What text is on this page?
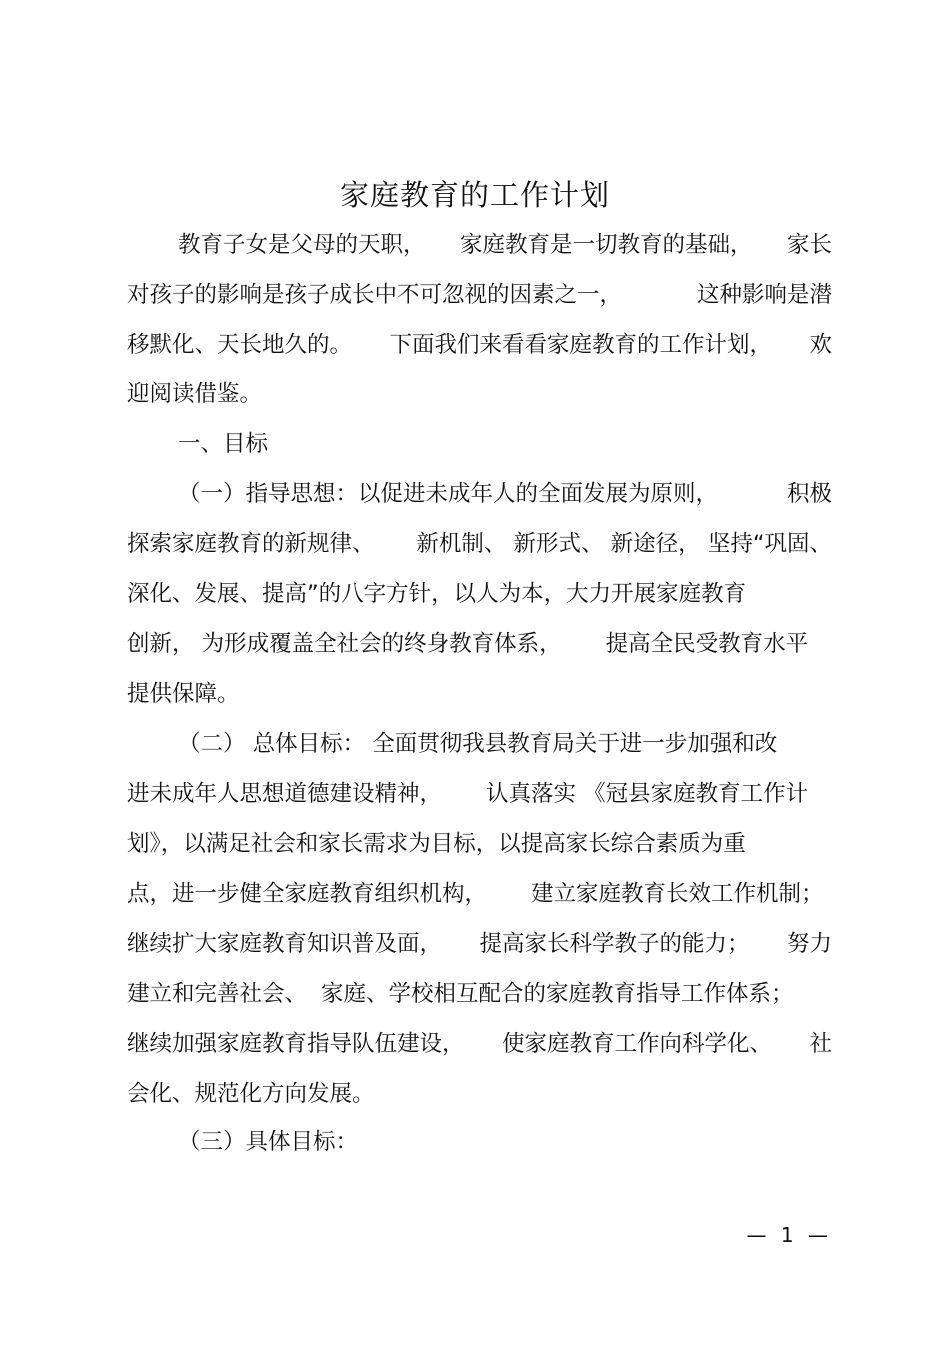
家庭教育的工作计划
教育子女是父母的天职， 家庭教育是一切教育的基础， 家长
对孩子的影响是孩子成长中不可忽视的因素之一，	这种影响是潜
移默化、天长地久的。 下面我们来看看家庭教育的工作计划， 欢
迎阅读借鉴。
一、目标
（一）指导思想：以促进未成年人的全面发展为原则，	积极
探索家庭教育的新规律、 新机制、 新形式、 新途径， 坚持“巩固、
深化、发展、提高”的八字方针，以人为本，大力开展家庭教育
创新， 为形成覆盖全社会的终身教育体系， 提高全民受教育水平
提供保障。
（二） 总体目标： 全面贯彻我县教育局关于进一步加强和改
进未成年人思想道德建设精神， 认真落实 《冠县家庭教育工作计
划》，以满足社会和家长需求为目标，以提高家长综合素质为重
点，进一步健全家庭教育组织机构， 建立家庭教育长效工作机制；
继续扩大家庭教育知识普及面， 提高家长科学教子的能力； 努力
建立和完善社会、 家庭、学校相互配合的家庭教育指导工作体系；
继续加强家庭教育指导队伍建设， 使家庭教育工作向科学化、 社
会化、规范化方向发展。
（三）具体目标：
— 1 —
